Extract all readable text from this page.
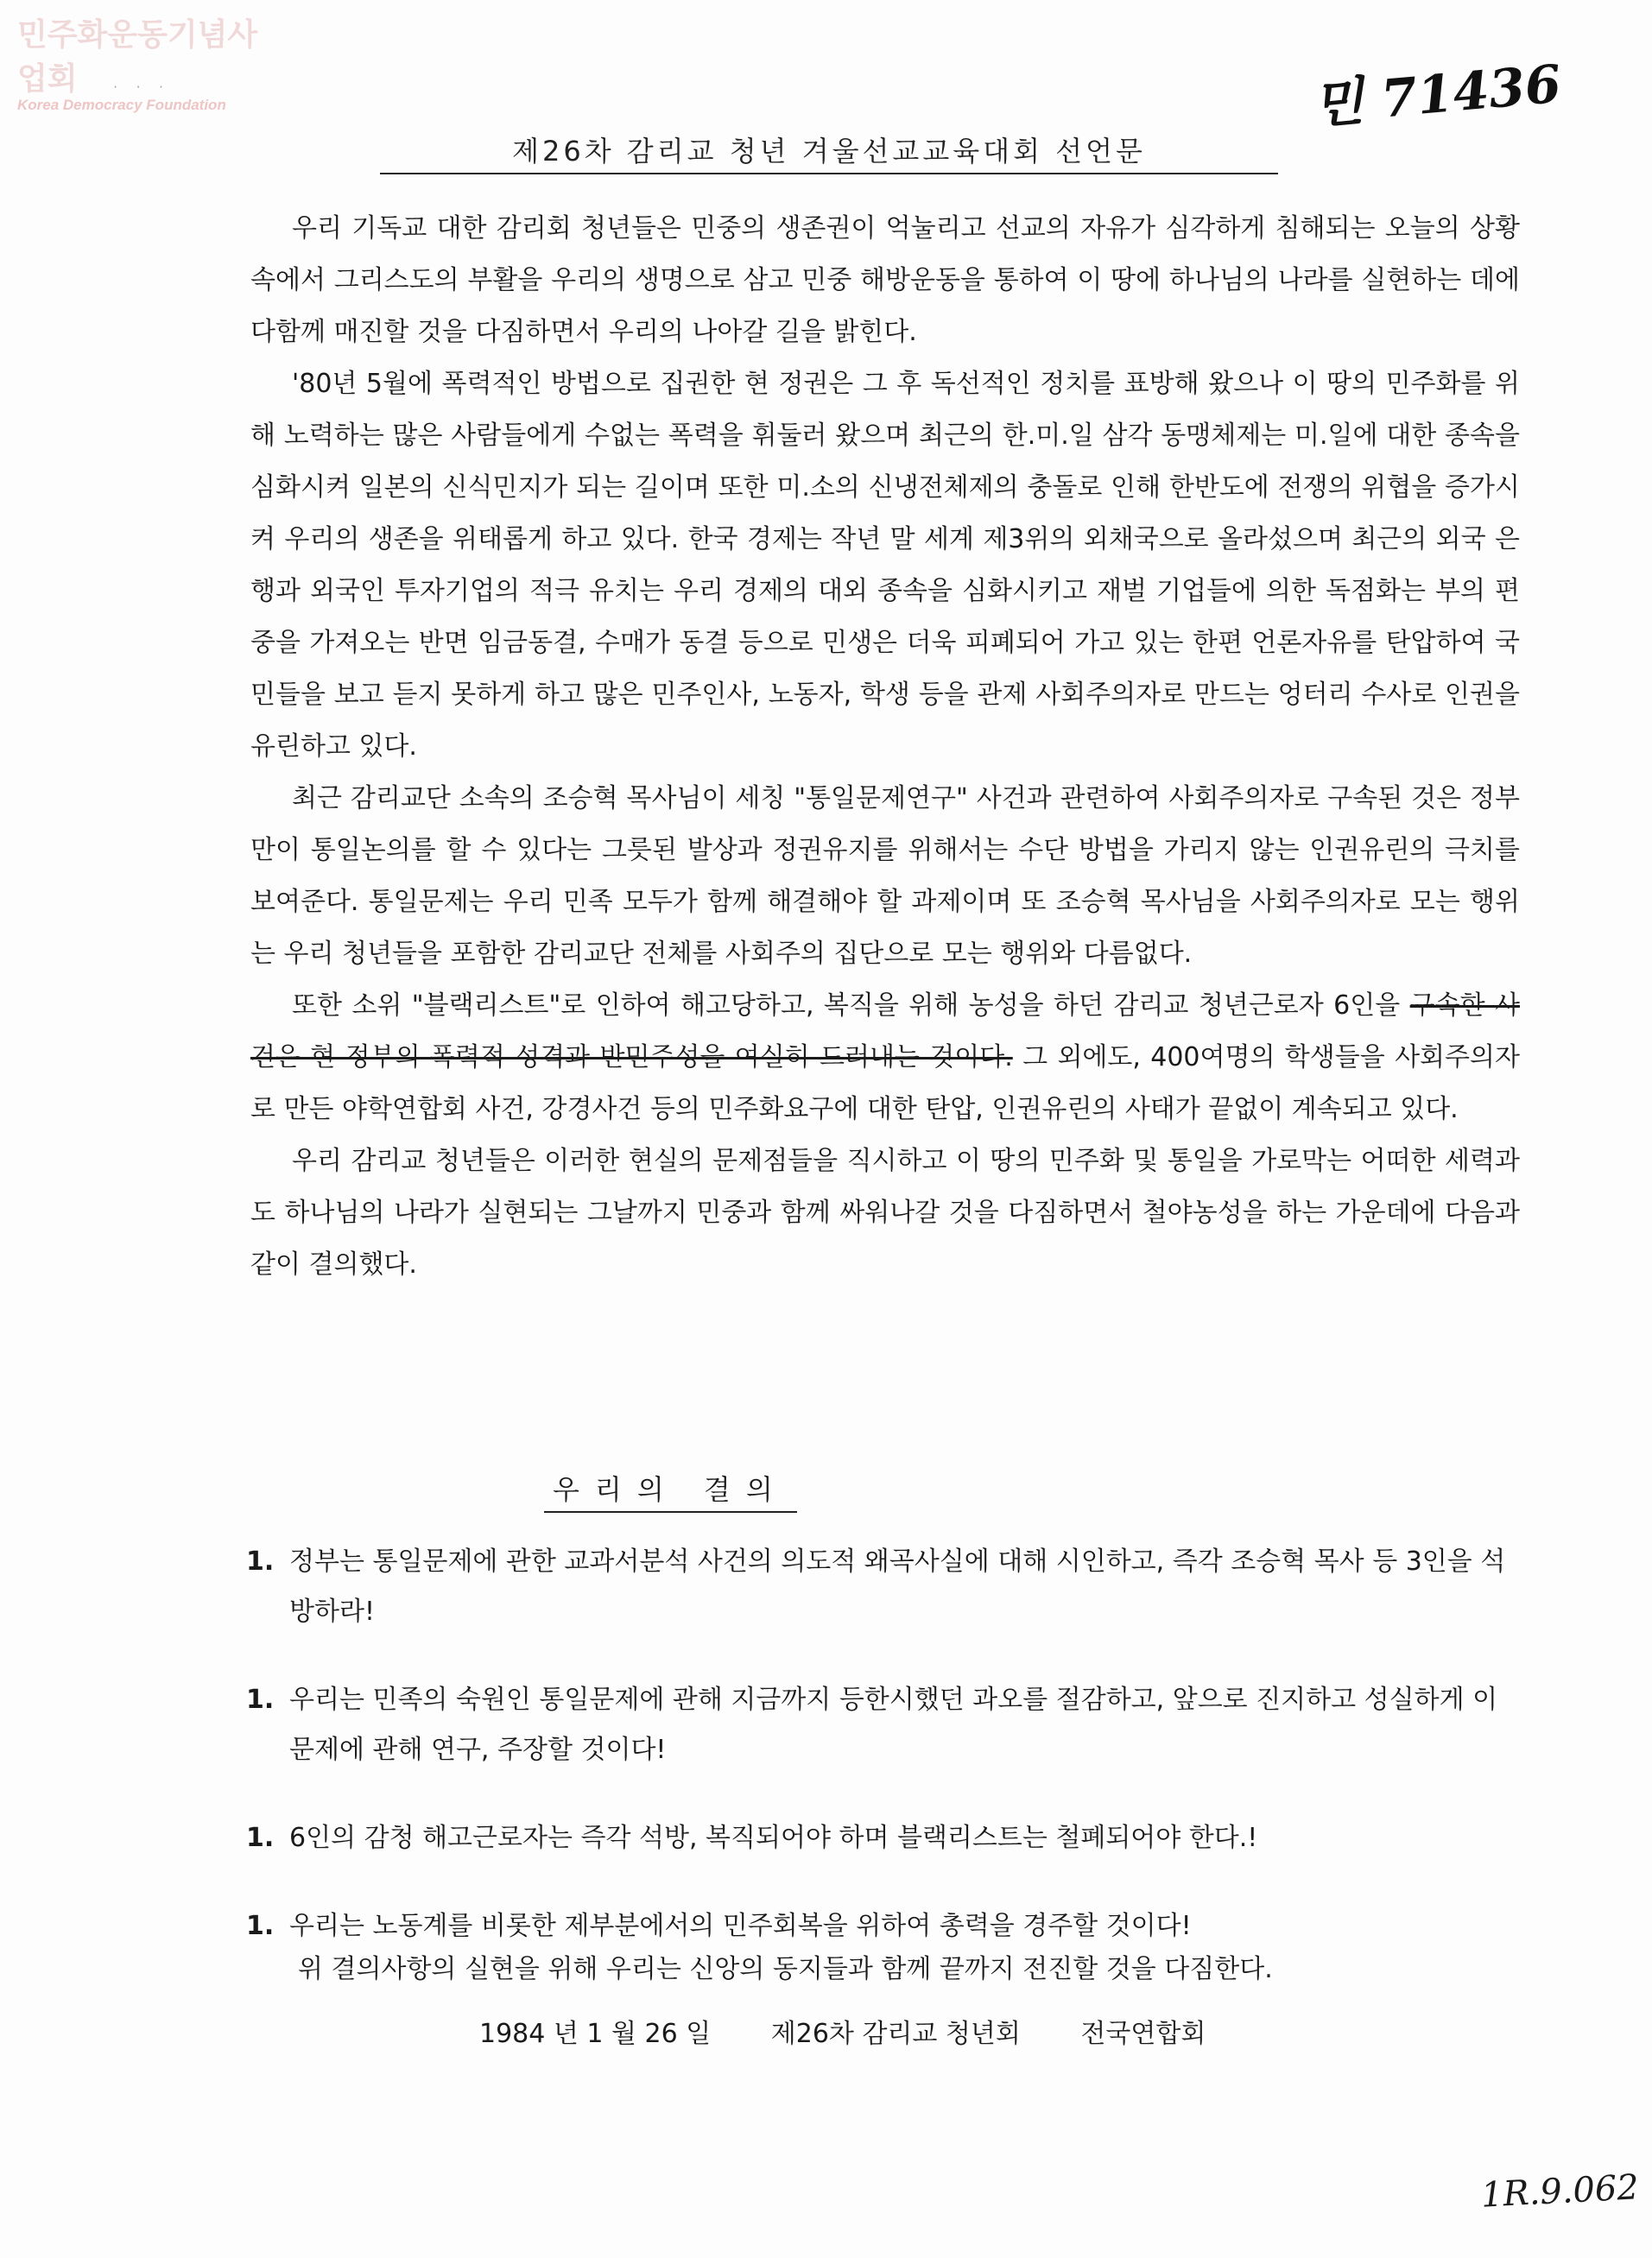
민주화운동기념사업회
Korea Democracy Foundation
· · ·	민 71436
제26차 감리교 청년 겨울선교교육대회 선언문

우리 기독교 대한 감리회 청년들은 민중의 생존권이 억눌리고 선교의 자유가 심각하게 침해되는 오늘의 상황 속에서 그리스도의 부활을 우리의 생명으로 삼고 민중 해방운동을 통하여 이 땅에 하나님의 나라를 실현하는 데에 다함께 매진할 것을 다짐하면서 우리의 나아갈 길을 밝힌다.

'80년 5월에 폭력적인 방법으로 집권한 현 정권은 그 후 독선적인 정치를 표방해 왔으나 이 땅의 민주화를 위해 노력하는 많은 사람들에게 수없는 폭력을 휘둘러 왔으며 최근의 한.미.일 삼각 동맹체제는 미.일에 대한 종속을 심화시켜 일본의 신식민지가 되는 길이며 또한 미.소의 신냉전체제의 충돌로 인해 한반도에 전쟁의 위협을 증가시켜 우리의 생존을 위태롭게 하고 있다. 한국 경제는 작년 말 세계 제3위의 외채국으로 올라섰으며 최근의 외국 은행과 외국인 투자기업의 적극 유치는 우리 경제의 대외 종속을 심화시키고 재벌 기업들에 의한 독점화는 부의 편중을 가져오는 반면 임금동결, 수매가 동결 등으로 민생은 더욱 피폐되어 가고 있는 한편 언론자유를 탄압하여 국민들을 보고 듣지 못하게 하고 많은 민주인사, 노동자, 학생 등을 관제 사회주의자로 만드는 엉터리 수사로 인권을 유린하고 있다.

최근 감리교단 소속의 조승혁 목사님이 세칭 "통일문제연구" 사건과 관련하여 사회주의자로 구속된 것은 정부만이 통일논의를 할 수 있다는 그릇된 발상과 정권유지를 위해서는 수단 방법을 가리지 않는 인권유린의 극치를 보여준다. 통일문제는 우리 민족 모두가 함께 해결해야 할 과제이며 또 조승혁 목사님을 사회주의자로 모는 행위는 우리 청년들을 포함한 감리교단 전체를 사회주의 집단으로 모는 행위와 다름없다.

또한 소위 "블랙리스트"로 인하여 해고당하고, 복직을 위해 농성을 하던 감리교 청년근로자 6인을 구속한 사건은 현 정부의 폭력적 성격과 반민주성을 여실히 드러내는 것이다. 그 외에도, 400여명의 학생들을 사회주의자로 만든 야학연합회 사건, 강경사건 등의 민주화요구에 대한 탄압, 인권유린의 사태가 끝없이 계속되고 있다.

우리 감리교 청년들은 이러한 현실의 문제점들을 직시하고 이 땅의 민주화 및 통일을 가로막는 어떠한 세력과도 하나님의 나라가 실현되는 그날까지 민중과 함께 싸워나갈 것을 다짐하면서 철야농성을 하는 가운데에 다음과 같이 결의했다.

우리의 결의
1. 정부는 통일문제에 관한 교과서분석 사건의 의도적 왜곡사실에 대해 시인하고, 즉각 조승혁 목사 등 3인을 석방하라!
1. 우리는 민족의 숙원인 통일문제에 관해 지금까지 등한시했던 과오를 절감하고, 앞으로 진지하고 성실하게 이 문제에 관해 연구, 주장할 것이다!
1. 6인의 감청 해고근로자는 즉각 석방, 복직되어야 하며 블랙리스트는 철폐되어야 한다.!
1. 우리는 노동계를 비롯한 제부분에서의 민주회복을 위하여 총력을 경주할 것이다!
위 결의사항의 실현을 위해 우리는 신앙의 동지들과 함께 끝까지 전진할 것을 다짐한다.
1984 년 1 월 26 일 제26차 감리교 청년회 전국연합회
1R.9.062
